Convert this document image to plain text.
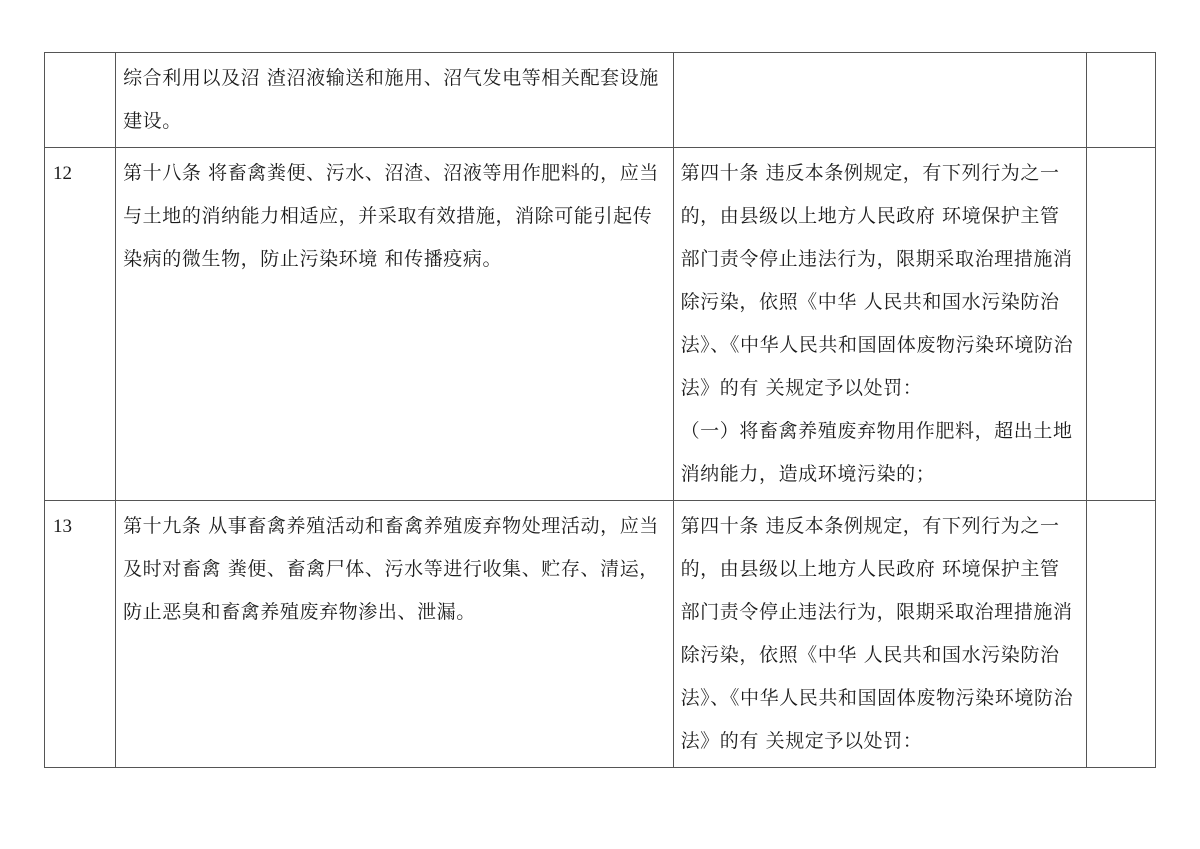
	综合利用以及沼 渣沼液输送和施用、沼气发电等相关配套设施建设。		

12	第十八条 将畜禽粪便、污水、沼渣、沼液等用作肥料的，应当与土地的消纳能力相适应，并采取有效措施，消除可能引起传染病的微生物，防止污染环境 和传播疫病。	第四十条 违反本条例规定，有下列行为之一的，由县级以上地方人民政府 环境保护主管部门责令停止违法行为，限期采取治理措施消除污染，依照《中华 人民共和国水污染防治法》、《中华人民共和国固体废物污染环境防治法》的有 关规定予以处罚：

（一）将畜禽养殖废弃物用作肥料，超出土地消纳能力，造成环境污染的；	

13	第十九条 从事畜禽养殖活动和畜禽养殖废弃物处理活动，应当及时对畜禽 粪便、畜禽尸体、污水等进行收集、贮存、清运，防止恶臭和畜禽养殖废弃物渗出、泄漏。	第四十条 违反本条例规定，有下列行为之一的，由县级以上地方人民政府 环境保护主管部门责令停止违法行为，限期采取治理措施消除污染，依照《中华 人民共和国水污染防治法》、《中华人民共和国固体废物污染环境防治法》的有 关规定予以处罚：	
